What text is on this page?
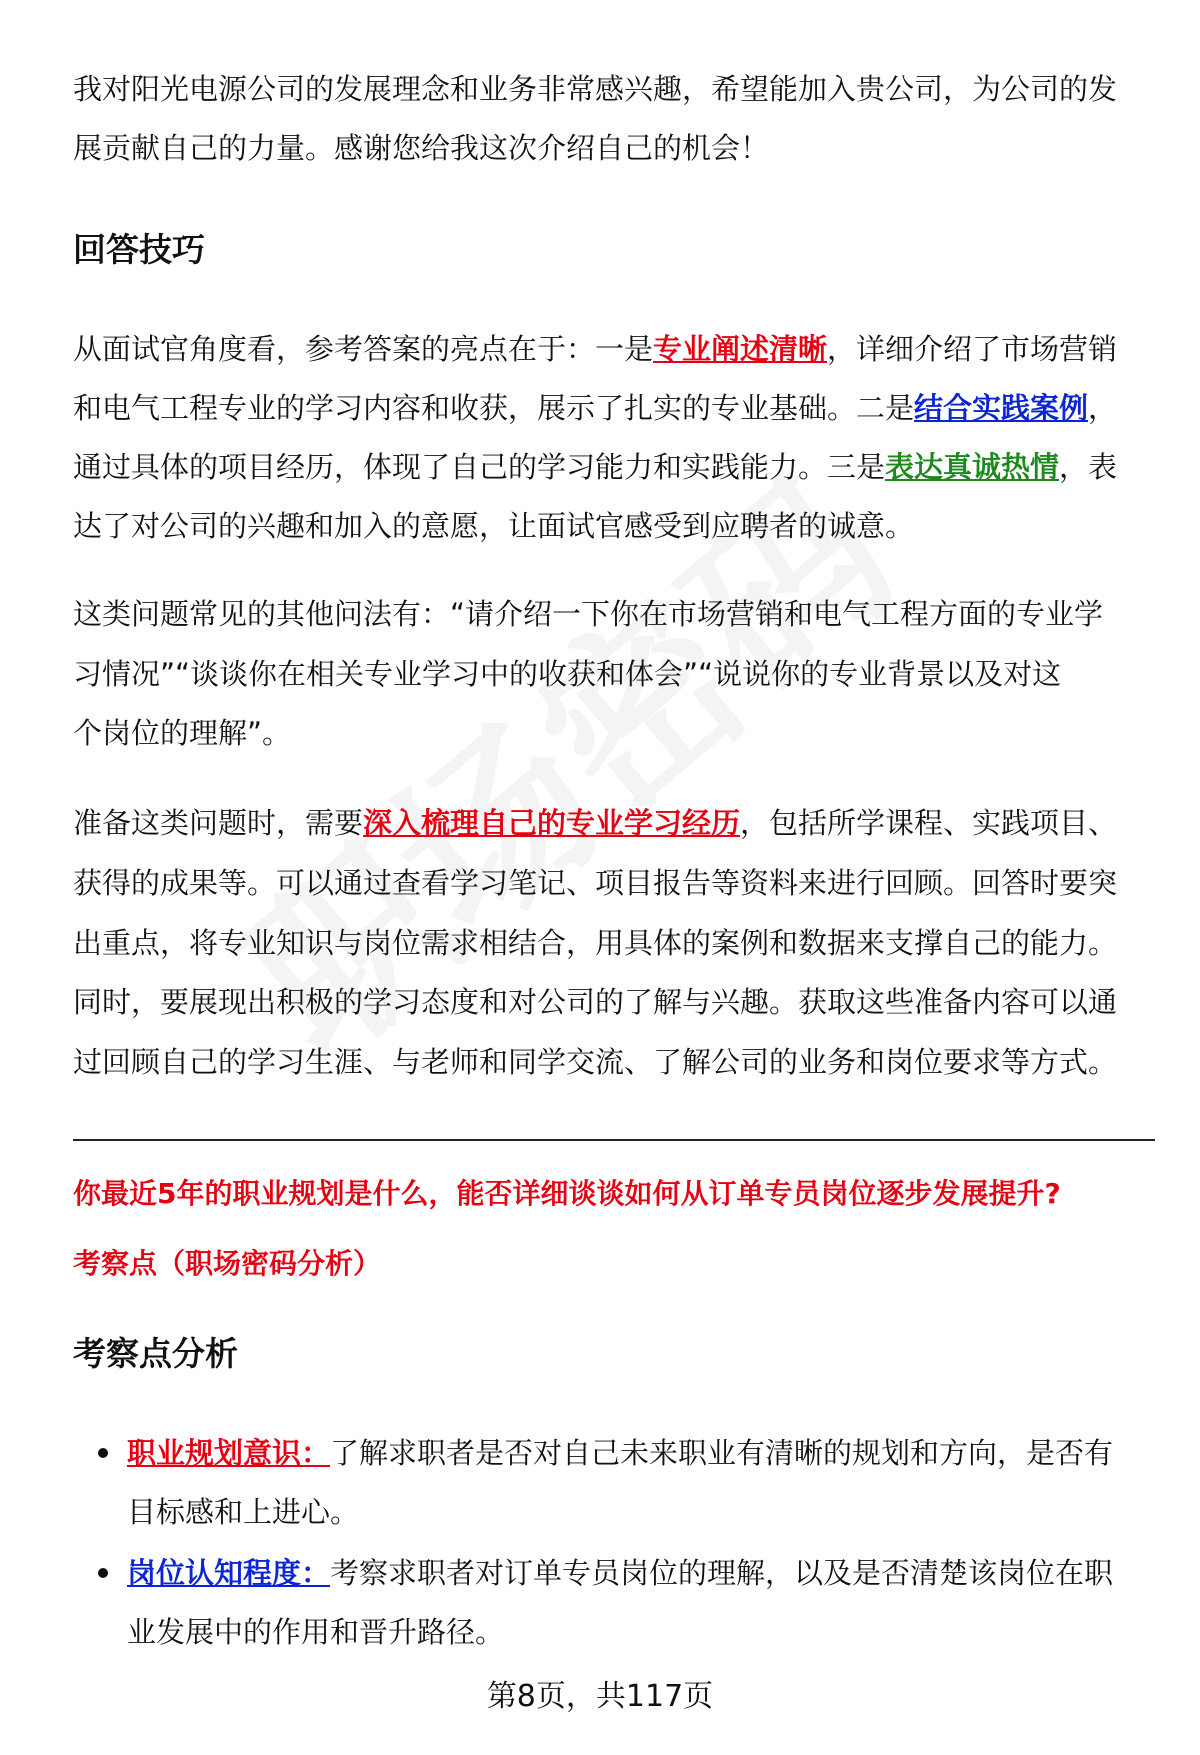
我对阳光电源公司的发展理念和业务非常感兴趣，希望能加入贵公司，为公司的发
展贡献自己的力量。感谢您给我这次介绍自己的机会！
从面试官角度看，参考答案的亮点在于：一是专业阐述清晰，详细介绍了市场营销
和电气工程专业的学习内容和收获，展示了扎实的专业基础。二是结合实践案例，
通过具体的项目经历，体现了自己的学习能力和实践能力。三是表达真诚热情，表
达了对公司的兴趣和加入的意愿，让面试官感受到应聘者的诚意。
这类问题常见的其他问法有：“请介绍一下你在市场营销和电气工程方面的专业学
习情况”“谈谈你在相关专业学习中的收获和体会”“说说你的专业背景以及对这
个岗位的理解”。
准备这类问题时，需要深入梳理自己的专业学习经历，包括所学课程、实践项目、
获得的成果等。可以通过查看学习笔记、项目报告等资料来进行回顾。回答时要突
出重点，将专业知识与岗位需求相结合，用具体的案例和数据来支撑自己的能力。
同时，要展现出积极的学习态度和对公司的了解与兴趣。获取这些准备内容可以通
过回顾自己的学习生涯、与老师和同学交流、了解公司的业务和岗位要求等方式。
职业规划意识：了解求职者是否对自己未来职业有清晰的规划和方向，是否有
目标感和上进心。
岗位认知程度：考察求职者对订单专员岗位的理解，以及是否清楚该岗位在职
业发展中的作用和晋升路径。
回答技巧
你最近5年的职业规划是什么，能否详细谈谈如何从订单专员岗位逐步发展提升?
考察点（职场密码分析）
考察点分析
第8页，共117页
